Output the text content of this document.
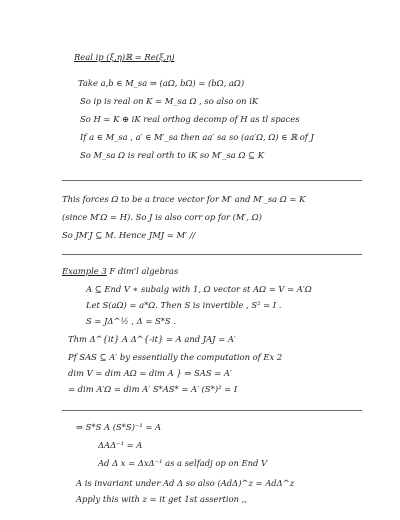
Real ip (ξ,η)ℝ = Re(ξ,η)
Take a,b ∈ M_sa ⇒ (aΩ, bΩ) = (bΩ, aΩ)
So ip is real on K = M_sa Ω , so also on iK
So H = K ⊕ iK real orthog decomp of H as tl spaces
If a ∈ M_sa , a′ ∈ M′_sa then aa′ sa so (aa′Ω, Ω) ∈ ℝ of J
So M_sa Ω is real orth to iK so M′_sa Ω ⊆ K
This forces Ω to be a trace vector for M′ and M′_sa Ω = K
(since M′Ω = H). So J is also corr op for (M′, Ω)
So JM′J ⊆ M. Hence JMJ = M′ //
Example 3 F dim'l algebras
A ⊆ End V ∗ subalg with 1, Ω vector st AΩ = V = A′Ω
Let S(aΩ) = a*Ω. Then S is invertible , S² = I .
S = JΔ^½ , Δ = S*S .
Thm Δ^{it} A Δ^{-it} = A and JAJ = A′
Pf SAS ⊆ A′ by essentially the computation of Ex 2
dim V = dim AΩ = dim A } ⇒ SAS = A′
= dim A′Ω = dim A′ S*AS* = A′ (S*)² = I
⇒ S*S A (S*S)⁻¹ = A
ΔAΔ⁻¹ = A
Ad Δ x = ΔxΔ⁻¹ as a selfadj op on End V
A is invariant under Ad Δ so also (AdΔ)^z = AdΔ^z
Apply this with z = it get 1st assertion ,,
